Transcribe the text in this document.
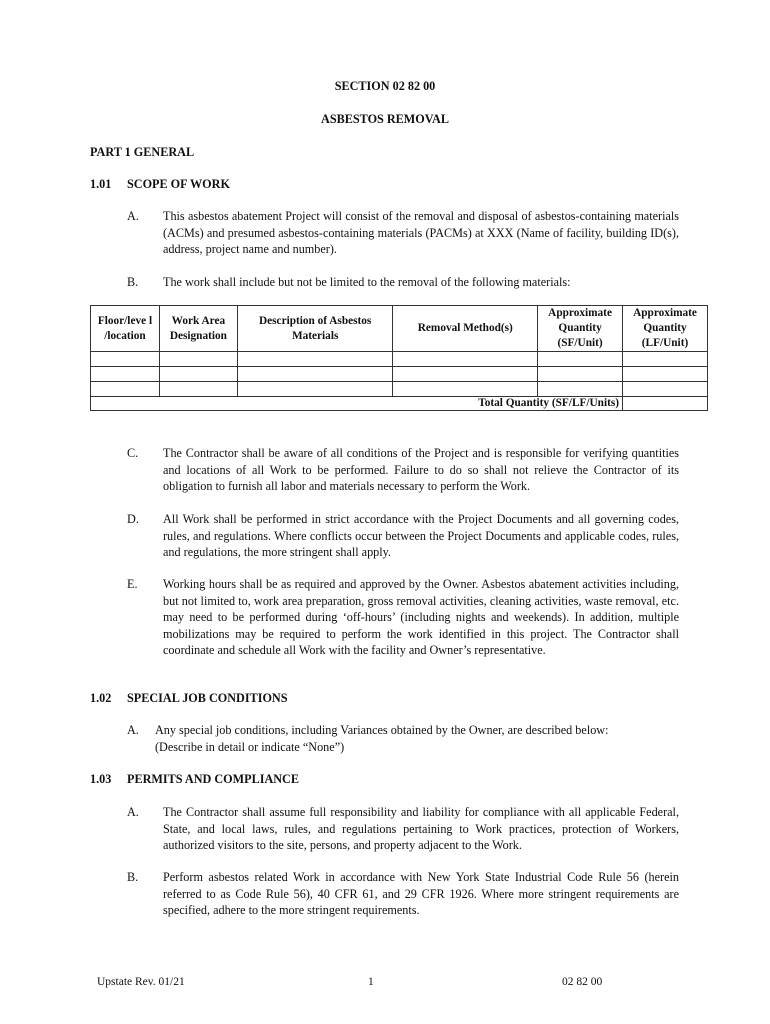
SECTION 02 82 00
ASBESTOS REMOVAL
PART 1 GENERAL
1.01 SCOPE OF WORK
A. This asbestos abatement Project will consist of the removal and disposal of asbestos-containing materials (ACMs) and presumed asbestos-containing materials (PACMs) at XXX (Name of facility, building ID(s), address, project name and number).
B. The work shall include but not be limited to the removal of the following materials:
Floor/leve l /location	Work Area Designation	Description of Asbestos Materials	Removal Method(s)	Approximate Quantity (SF/Unit)	Approximate Quantity (LF/Unit)

Total Quantity (SF/LF/Units)					
C. The Contractor shall be aware of all conditions of the Project and is responsible for verifying quantities and locations of all Work to be performed. Failure to do so shall not relieve the Contractor of its obligation to furnish all labor and materials necessary to perform the Work.
D. All Work shall be performed in strict accordance with the Project Documents and all governing codes, rules, and regulations. Where conflicts occur between the Project Documents and applicable codes, rules, and regulations, the more stringent shall apply.
E. Working hours shall be as required and approved by the Owner. Asbestos abatement activities including, but not limited to, work area preparation, gross removal activities, cleaning activities, waste removal, etc. may need to be performed during ‘off-hours’ (including nights and weekends). In addition, multiple mobilizations may be required to perform the work identified in this project. The Contractor shall coordinate and schedule all Work with the facility and Owner’s representative.
1.02 SPECIAL JOB CONDITIONS
A. Any special job conditions, including Variances obtained by the Owner, are described below:
(Describe in detail or indicate “None”)
1.03 PERMITS AND COMPLIANCE
A. The Contractor shall assume full responsibility and liability for compliance with all applicable Federal, State, and local laws, rules, and regulations pertaining to Work practices, protection of Workers, authorized visitors to the site, persons, and property adjacent to the Work.
B. Perform asbestos related Work in accordance with New York State Industrial Code Rule 56 (herein referred to as Code Rule 56), 40 CFR 61, and 29 CFR 1926. Where more stringent requirements are specified, adhere to the more stringent requirements.
Upstate Rev. 01/21	1	02 82 00
